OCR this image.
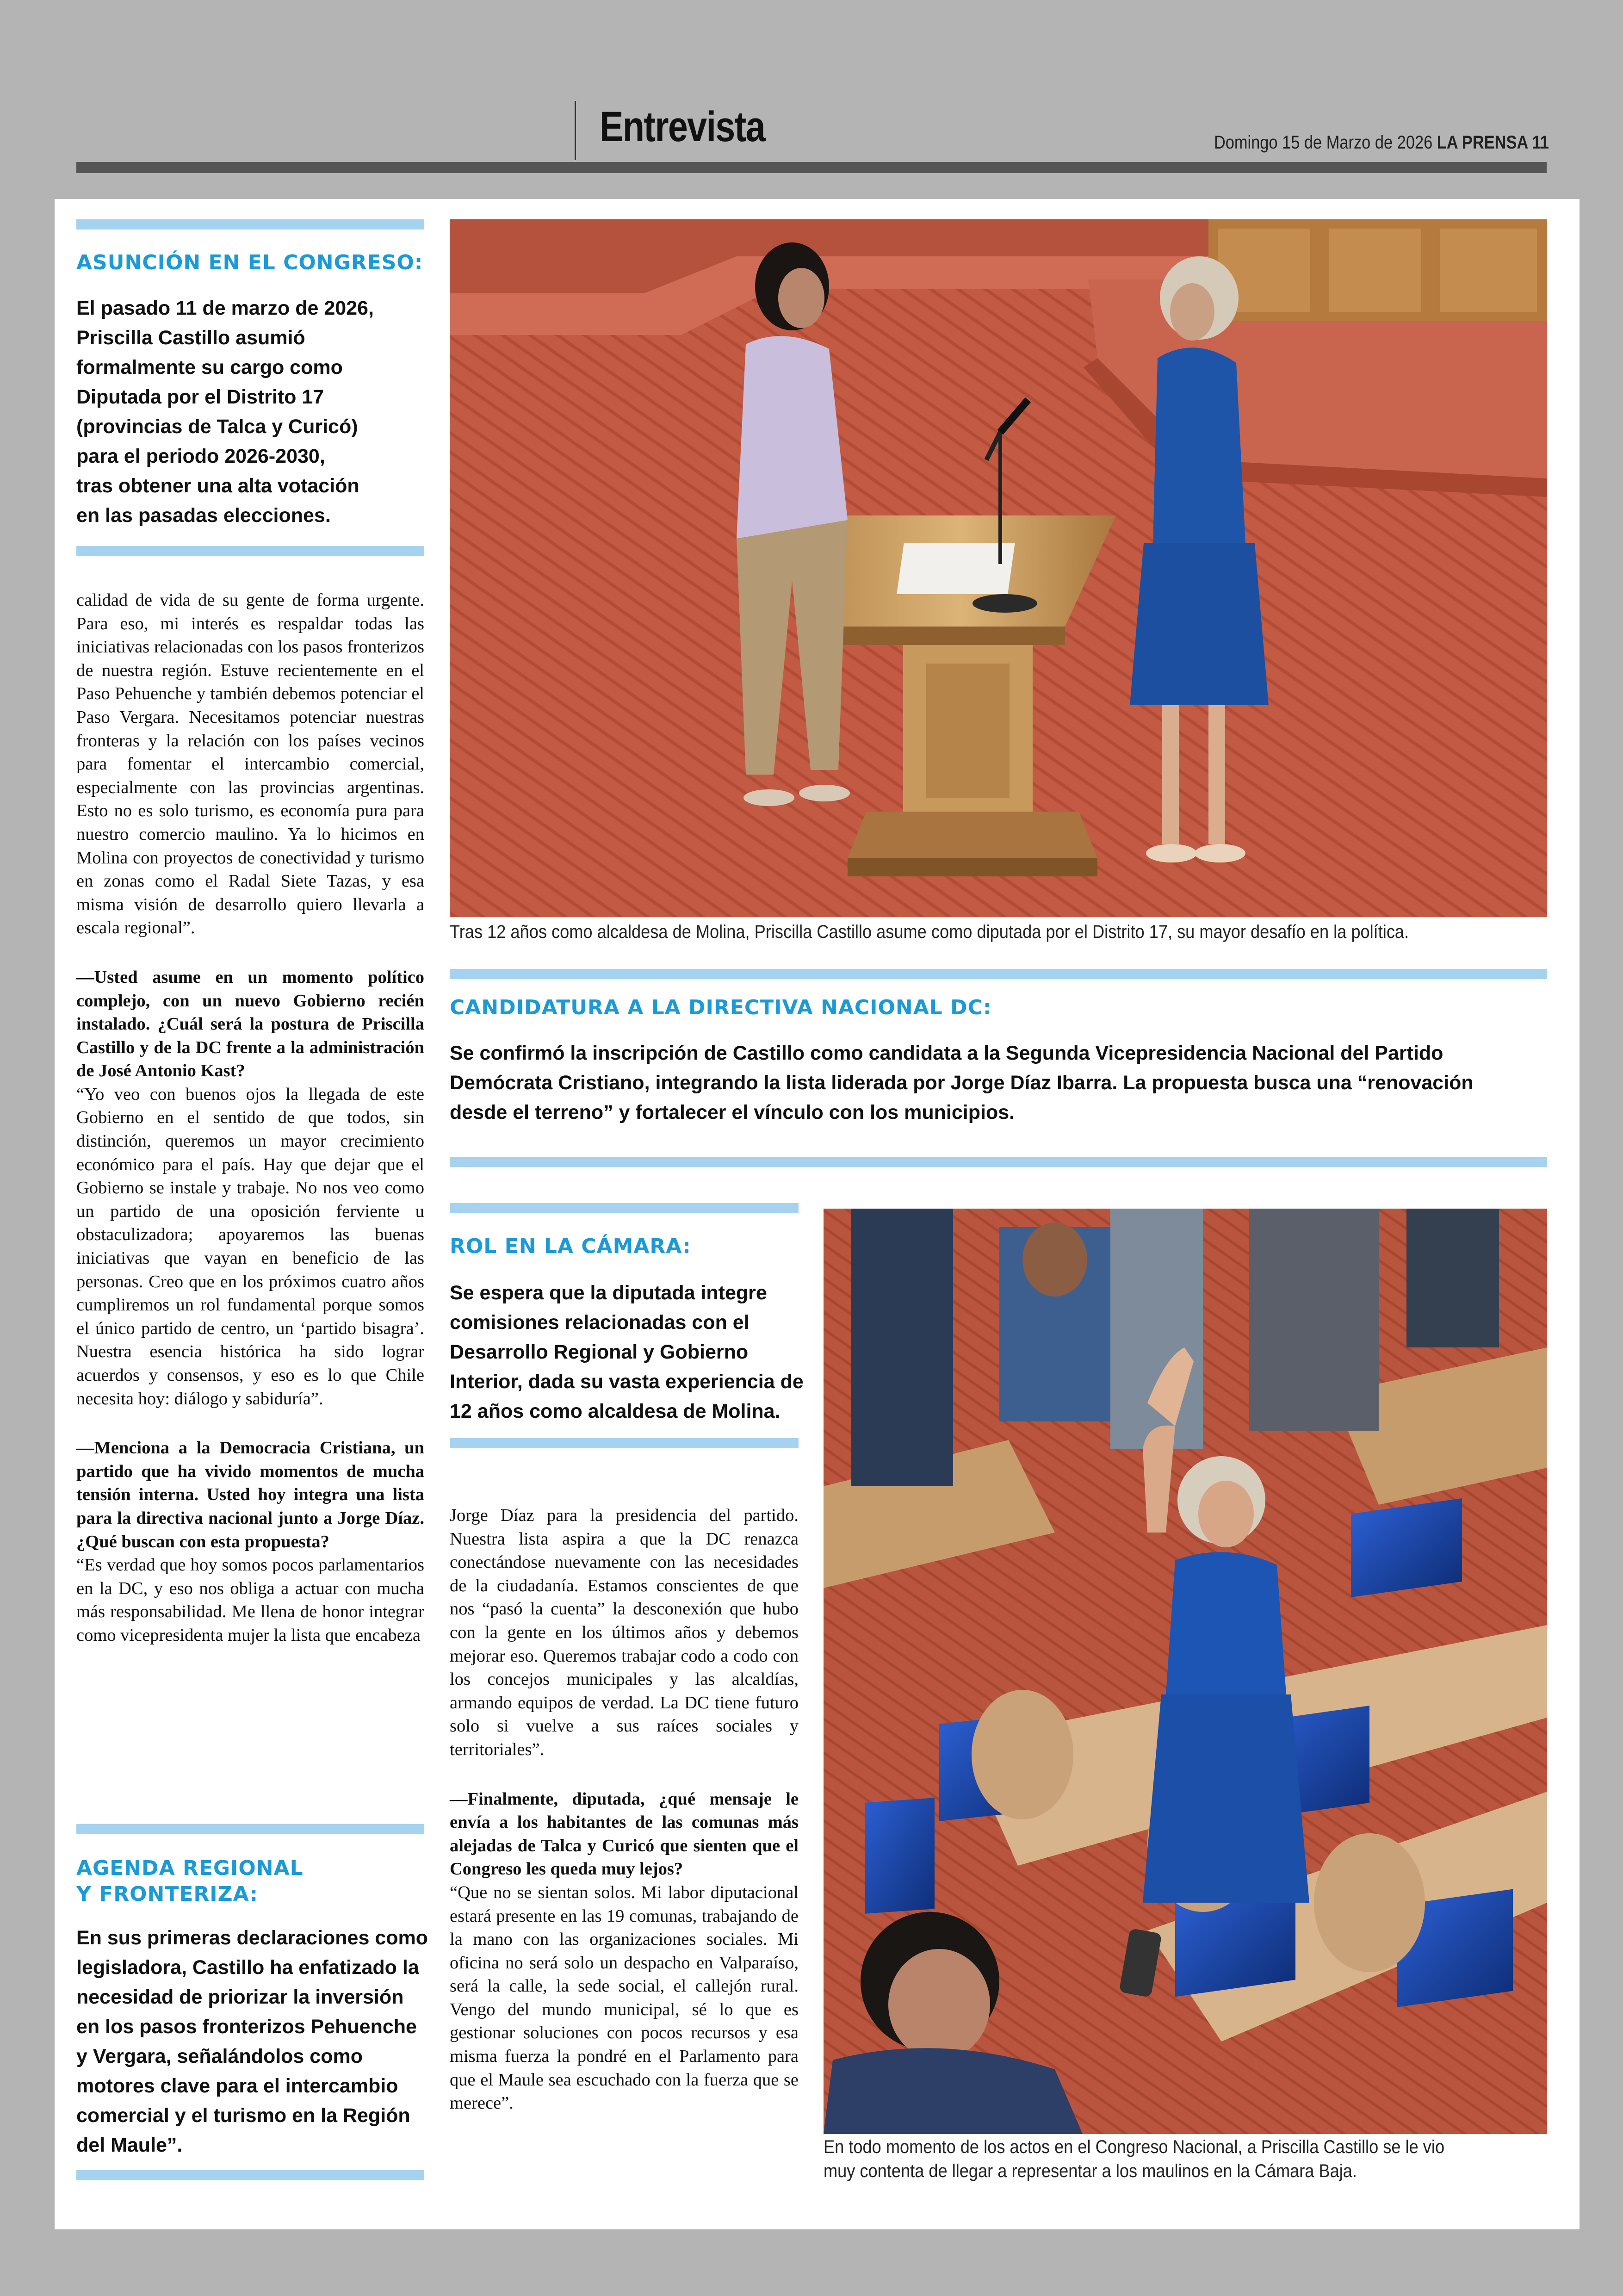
Entrevista	Domingo 15 de Marzo de 2026 LA PRENSA 11
ASUNCIÓN EN EL CONGRESO:
El pasado 11 de marzo de 2026,
Priscilla Castillo asumió
formalmente su cargo como
Diputada por el Distrito 17
(provincias de Talca y Curicó)
para el periodo 2026-2030,
tras obtener una alta votación
en las pasadas elecciones.

calidad de vida de su gente de forma urgente. Para eso, mi interés es respaldar todas las iniciativas relacionadas con los pasos fronterizos de nuestra región. Estuve recientemente en el Paso Pehuenche y también debemos potenciar el Paso Vergara. Necesitamos potenciar nuestras fronteras y la relación con los países vecinos para fomentar el intercambio comercial, especialmente con las provincias argentinas. Esto no es solo turismo, es economía pura para nuestro comercio maulino. Ya lo hicimos en Molina con proyectos de conectividad y turismo en zonas como el Radal Siete Tazas, y esa misma visión de desarrollo quiero llevarla a escala regional”.

—Usted asume en un momento político complejo, con un nuevo Gobierno recién instalado. ¿Cuál será la postura de Priscilla Castillo y de la DC frente a la administración de José Antonio Kast?

“Yo veo con buenos ojos la llegada de este Gobierno en el sentido de que todos, sin distinción, queremos un mayor crecimiento económico para el país. Hay que dejar que el Gobierno se instale y trabaje. No nos veo como un partido de una oposición ferviente u obstaculizadora; apoyaremos las buenas iniciativas que vayan en beneficio de las personas. Creo que en los próximos cuatro años cumpliremos un rol fundamental porque somos el único partido de centro, un ‘partido bisagra’. Nuestra esencia histórica ha sido lograr acuerdos y consensos, y eso es lo que Chile necesita hoy: diálogo y sabiduría”.

—Menciona a la Democracia Cristiana, un partido que ha vivido momentos de mucha tensión interna. Usted hoy integra una lista para la directiva nacional junto a Jorge Díaz. ¿Qué buscan con esta propuesta?

“Es verdad que hoy somos pocos parlamentarios en la DC, y eso nos obliga a actuar con mucha más responsabilidad. Me llena de honor integrar como vicepresidenta mujer la lista que encabeza

AGENDA REGIONAL
Y FRONTERIZA:
En sus primeras declaraciones como
legisladora, Castillo ha enfatizado la
necesidad de priorizar la inversión
en los pasos fronterizos Pehuenche
y Vergara, señalándolos como
motores clave para el intercambio
comercial y el turismo en la Región
del Maule”.
Tras 12 años como alcaldesa de Molina, Priscilla Castillo asume como diputada por el Distrito 17, su mayor desafío en la política.
CANDIDATURA A LA DIRECTIVA NACIONAL DC:
Se confirmó la inscripción de Castillo como candidata a la Segunda Vicepresidencia Nacional del Partido
Demócrata Cristiano, integrando la lista liderada por Jorge Díaz Ibarra. La propuesta busca una “renovación
desde el terreno” y fortalecer el vínculo con los municipios.
ROL EN LA CÁMARA:
Se espera que la diputada integre
comisiones relacionadas con el
Desarrollo Regional y Gobierno
Interior, dada su vasta experiencia de
12 años como alcaldesa de Molina.

Jorge Díaz para la presidencia del partido. Nuestra lista aspira a que la DC renazca conectándose nuevamente con las necesidades de la ciudadanía. Estamos conscientes de que nos “pasó la cuenta” la desconexión que hubo con la gente en los últimos años y debemos mejorar eso. Queremos trabajar codo a codo con los concejos municipales y las alcaldías, armando equipos de verdad. La DC tiene futuro solo si vuelve a sus raíces sociales y territoriales”.

—Finalmente, diputada, ¿qué mensaje le envía a los habitantes de las comunas más alejadas de Talca y Curicó que sienten que el Congreso les queda muy lejos?

“Que no se sientan solos. Mi labor diputacional estará presente en las 19 comunas, trabajando de la mano con las organizaciones sociales. Mi oficina no será solo un despacho en Valparaíso, será la calle, la sede social, el callejón rural. Vengo del mundo municipal, sé lo que es gestionar soluciones con pocos recursos y esa misma fuerza la pondré en el Parlamento para que el Maule sea escuchado con la fuerza que se merece”.

En todo momento de los actos en el Congreso Nacional, a Priscilla Castillo se le vio
muy contenta de llegar a representar a los maulinos en la Cámara Baja.
